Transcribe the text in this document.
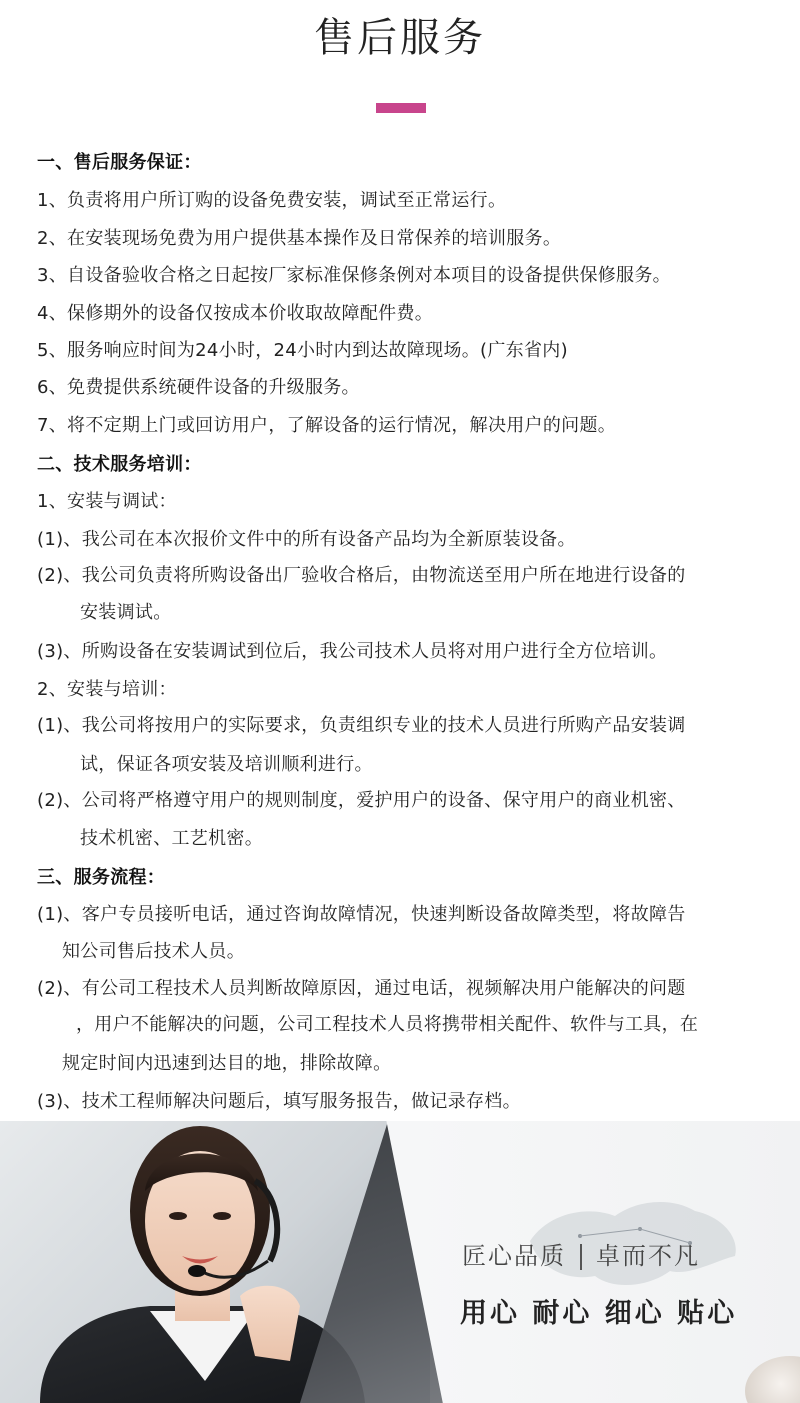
售后服务
一、售后服务保证：
1、负责将用户所订购的设备免费安装，调试至正常运行。
2、在安装现场免费为用户提供基本操作及日常保养的培训服务。
3、自设备验收合格之日起按厂家标准保修条例对本项目的设备提供保修服务。
4、保修期外的设备仅按成本价收取故障配件费。
5、服务响应时间为24小时，24小时内到达故障现场。(广东省内)
6、免费提供系统硬件设备的升级服务。
7、将不定期上门或回访用户，了解设备的运行情况，解决用户的问题。
二、技术服务培训：
1、安装与调试：
(1)、我公司在本次报价文件中的所有设备产品均为全新原装设备。
(2)、我公司负责将所购设备出厂验收合格后，由物流送至用户所在地进行设备的
安装调试。
(3)、所购设备在安装调试到位后，我公司技术人员将对用户进行全方位培训。
2、安装与培训：
(1)、我公司将按用户的实际要求，负责组织专业的技术人员进行所购产品安装调
试，保证各项安装及培训顺利进行。
(2)、公司将严格遵守用户的规则制度，爱护用户的设备、保守用户的商业机密、
技术机密、工艺机密。
三、服务流程：
(1)、客户专员接听电话，通过咨询故障情况，快速判断设备故障类型，将故障告
知公司售后技术人员。
(2)、有公司工程技术人员判断故障原因，通过电话，视频解决用户能解决的问题
，用户不能解决的问题，公司工程技术人员将携带相关配件、软件与工具，在
规定时间内迅速到达目的地，排除故障。
(3)、技术工程师解决问题后，填写服务报告，做记录存档。
匠心品质 卓而不凡
用心 耐心 细心 贴心
